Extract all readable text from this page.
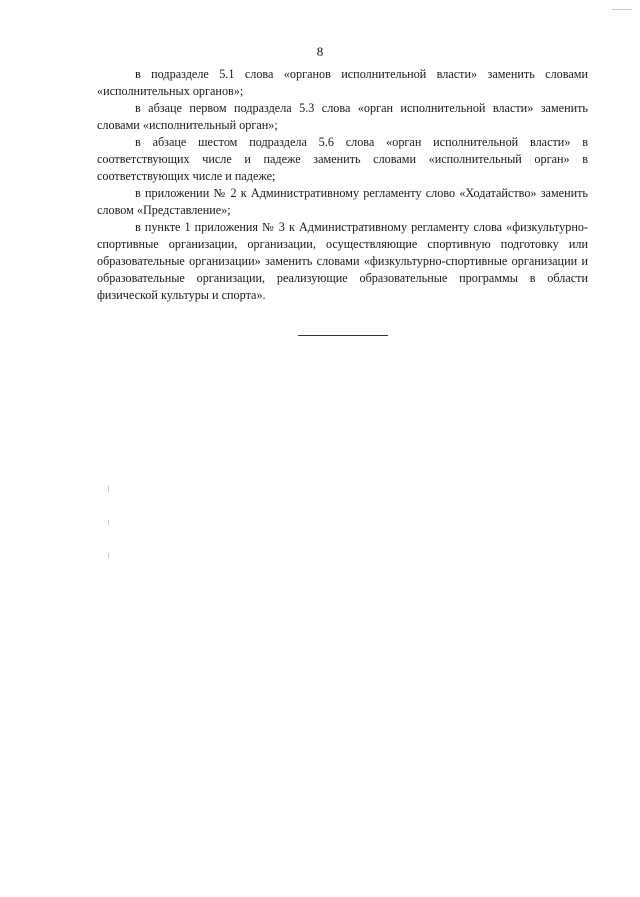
8

в подразделе 5.1 слова «органов исполнительной власти» заменить словами «исполнительных органов»;

в абзаце первом подраздела 5.3 слова «орган исполнительной власти» заменить словами «исполнительный орган»;

в абзаце шестом подраздела 5.6 слова «орган исполнительной власти» в соответствующих числе и падеже заменить словами «исполнительный орган» в соответствующих числе и падеже;

в приложении № 2 к Административному регламенту слово «Ходатайство» заменить словом «Представление»;

в пункте 1 приложения № 3 к Административному регламенту слова «физкультурно-спортивные организации, организации, осуществляющие спортивную подготовку или образовательные организации» заменить словами «физкультурно-спортивные организации и образовательные организации, реализующие образовательные программы в области физической культуры и спорта».
